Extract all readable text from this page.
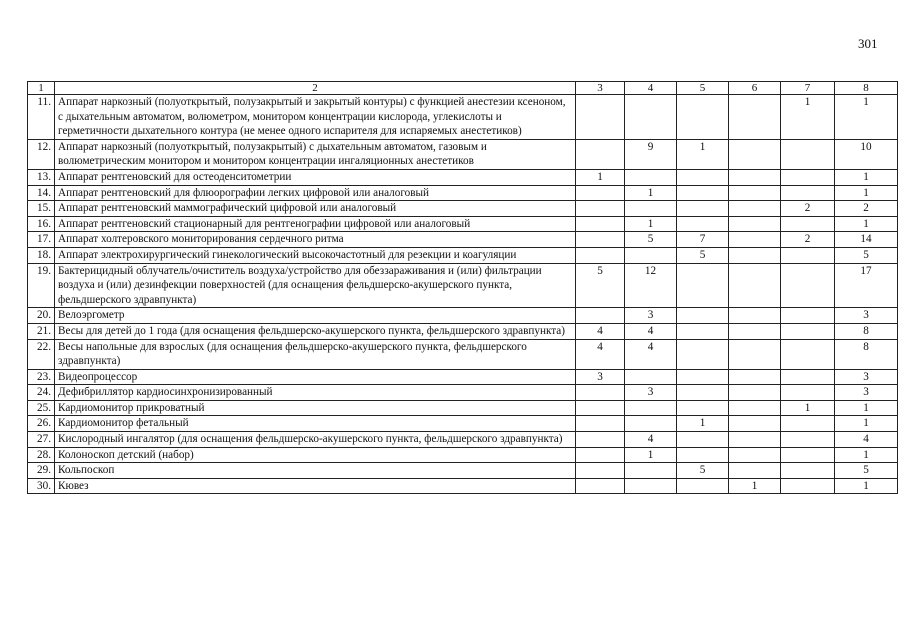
301
1	2	3	4	5	6	7	8
11.	Аппарат наркозный (полуоткрытый, полузакрытый и закрытый контуры) с функцией анестезии ксеноном, с дыхательным автоматом, волюметром, монитором концентрации кислорода, углекислоты и герметичности дыхательного контура (не менее одного испарителя для испаряемых анестетиков)					1	1
12.	Аппарат наркозный (полуоткрытый, полузакрытый) с дыхательным автоматом, газовым и волюметрическим монитором и монитором концентрации ингаляционных анестетиков		9	1			10
13.	Аппарат рентгеновский для остеоденситометрии	1					1
14.	Аппарат рентгеновский для флюорографии легких цифровой или аналоговый		1				1
15.	Аппарат рентгеновский маммографический цифровой или аналоговый					2	2
16.	Аппарат рентгеновский стационарный для рентгенографии цифровой или аналоговый		1				1
17.	Аппарат холтеровского мониторирования сердечного ритма		5	7		2	14
18.	Аппарат электрохирургический гинекологический высокочастотный для резекции и коагуляции			5			5
19.	Бактерицидный облучатель/очиститель воздуха/устройство для обеззараживания и (или) фильтрации воздуха и (или) дезинфекции поверхностей (для оснащения фельдшерско-акушерского пункта, фельдшерского здравпункта)	5	12				17
20.	Велоэргометр		3				3
21.	Весы для детей до 1 года (для оснащения фельдшерско-акушерского пункта, фельдшерского здравпункта)	4	4				8
22.	Весы напольные для взрослых (для оснащения фельдшерско-акушерского пункта, фельдшерского здравпункта)	4	4				8
23.	Видеопроцессор	3					3
24.	Дефибриллятор кардиосинхронизированный		3				3
25.	Кардиомонитор прикроватный					1	1
26.	Кардиомонитор фетальный			1			1
27.	Кислородный ингалятор (для оснащения фельдшерско-акушерского пункта, фельдшерского здравпункта)		4				4
28.	Колоноскоп детский (набор)		1				1
29.	Кольпоскоп			5			5
30.	Кювез				1		1
